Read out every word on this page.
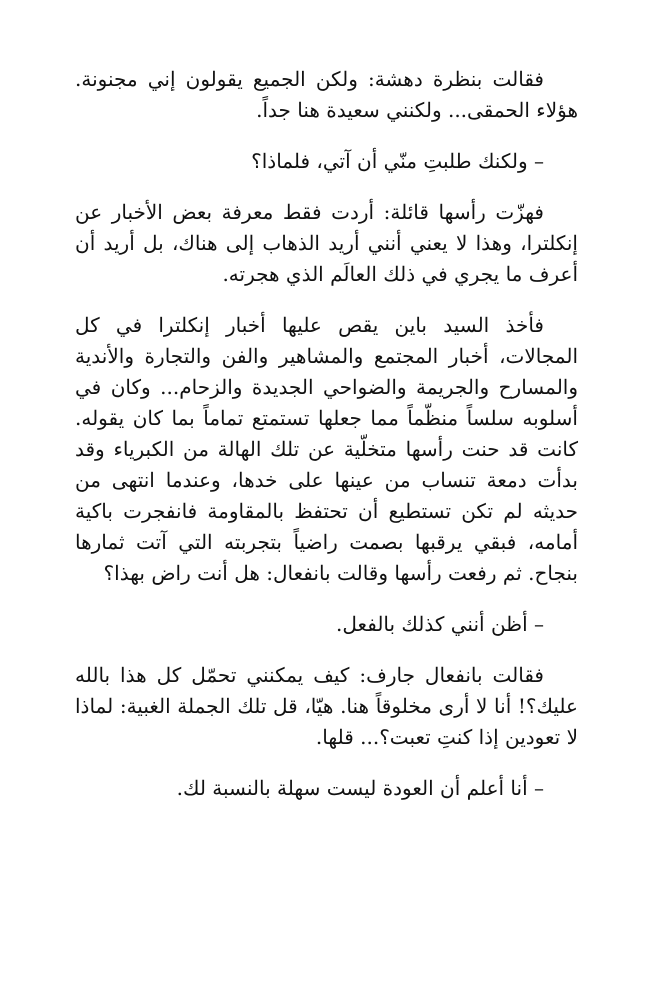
فقالت بنظرة دهشة: ولكن الجميع يقولون إني مجنونة. هؤلاء الحمقى... ولكنني سعيدة هنا جداً.

– ولكنك طلبتِ منّي أن آتي، فلماذا؟

فهزّت رأسها قائلة: أردت فقط معرفة بعض الأخبار عن إنكلترا، وهذا لا يعني أنني أريد الذهاب إلى هناك، بل أريد أن أعرف ما يجري في ذلك العالَم الذي هجرته.

فأخذ السيد باين يقص عليها أخبار إنكلترا في كل المجالات، أخبار المجتمع والمشاهير والفن والتجارة والأندية والمسارح والجريمة والضواحي الجديدة والزحام... وكان في أسلوبه سلساً منظّماً مما جعلها تستمتع تماماً بما كان يقوله. كانت قد حنت رأسها متخلّية عن تلك الهالة من الكبرياء وقد بدأت دمعة تنساب من عينها على خدها، وعندما انتهى من حديثه لم تكن تستطيع أن تحتفظ بالمقاومة فانفجرت باكية أمامه، فبقي يرقبها بصمت راضياً بتجربته التي آتت ثمارها بنجاح. ثم رفعت رأسها وقالت بانفعال: هل أنت راض بهذا؟

– أظن أنني كذلك بالفعل.

فقالت بانفعال جارف: كيف يمكنني تحمّل كل هذا بالله عليك؟! أنا لا أرى مخلوقاً هنا. هيّا، قل تلك الجملة الغبية: لماذا لا تعودين إذا كنتِ تعبت؟... قلها.

– أنا أعلم أن العودة ليست سهلة بالنسبة لك.
